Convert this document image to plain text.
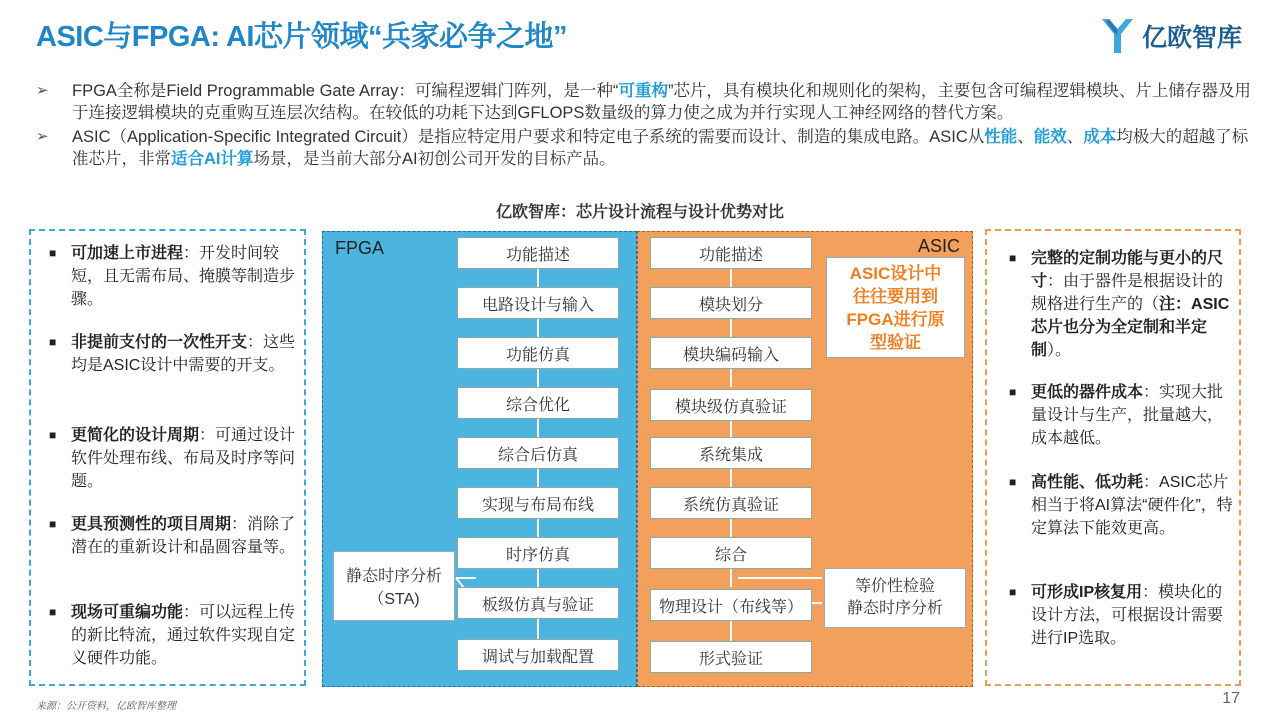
ASIC与FPGA: AI芯片领域“兵家必争之地”	亿欧智库
➢ FPGA全称是Field Programmable Gate Array：可编程逻辑门阵列，是一种“可重构”芯片，具有模块化和规则化的架构，主要包含可编程逻辑模块、片上储存器及用于连接逻辑模块的克重购互连层次结构。在较低的功耗下达到GFLOPS数量级的算力使之成为并行实现人工神经网络的替代方案。
➢ ASIC（Application-Specific Integrated Circuit）是指应特定用户要求和特定电子系统的需要而设计、制造的集成电路。ASIC从性能、能效、成本均极大的超越了标准芯片，非常适合AI计算场景，是当前大部分AI初创公司开发的目标产品。
亿欧智库：芯片设计流程与设计优势对比
■ 可加速上市进程：开发时间较短，且无需布局、掩膜等制造步骤。
■ 非提前支付的一次性开支：这些均是ASIC设计中需要的开支。
■ 更简化的设计周期：可通过设计软件处理布线、布局及时序等问题。
■ 更具预测性的项目周期：消除了潜在的重新设计和晶圆容量等。
■ 现场可重编功能：可以远程上传的新比特流，通过软件实现自定义硬件功能。
■ 完整的定制功能与更小的尺寸：由于器件是根据设计的规格进行生产的（注：ASIC芯片也分为全定制和半定制）。
■ 更低的器件成本：实现大批量设计与生产，批量越大，成本越低。
■ 高性能、低功耗：ASIC芯片相当于将AI算法“硬件化”，特定算法下能效更高。
■ 可形成IP核复用：模块化的设计方法，可根据设计需要进行IP选取。
FPGA	ASIC
功能描述
电路设计与输入
功能仿真
综合优化
综合后仿真
实现与布局布线
时序仿真
板级仿真与验证
调试与加载配置
静态时序分析
（STA)
功能描述
模块划分
模块编码输入
模块级仿真验证
系统集成
系统仿真验证
综合
物理设计（布线等）
形式验证
ASIC设计中
往往要用到
FPGA进行原
型验证
等价性检验
静态时序分析
来源：公开资料，亿欧智库整理	17
